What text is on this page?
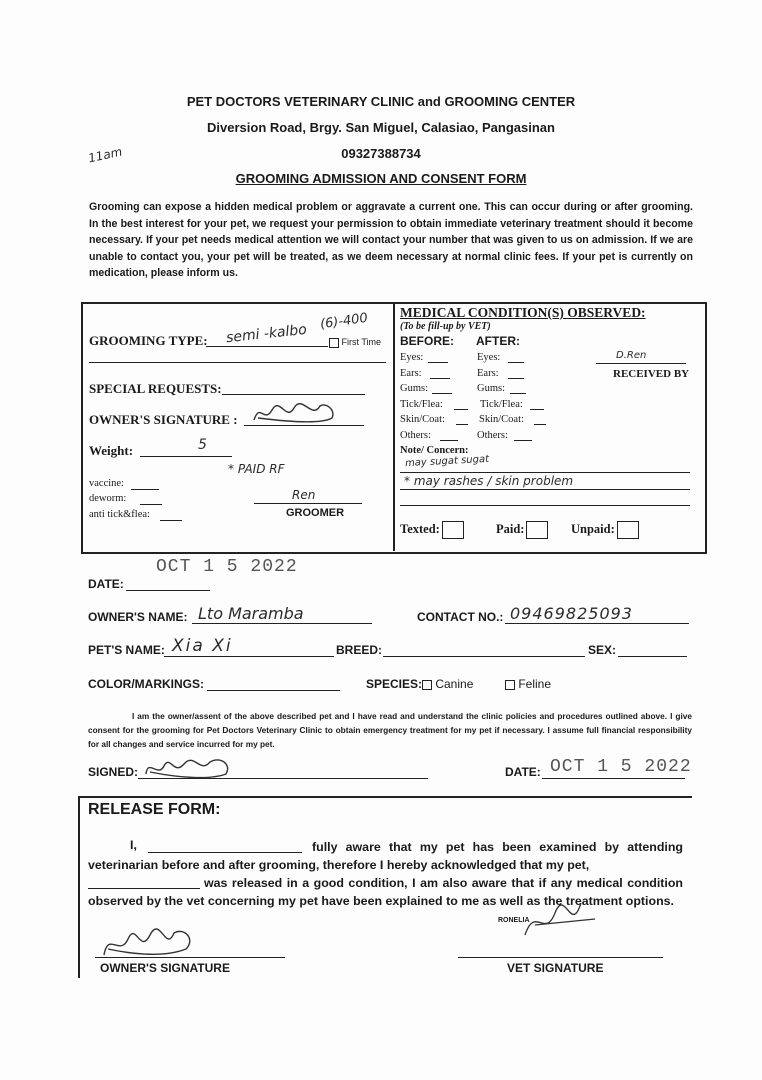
PET DOCTORS VETERINARY CLINIC and GROOMING CENTER
Diversion Road, Brgy. San Miguel, Calasiao, Pangasinan
09327388734
GROOMING ADMISSION AND CONSENT FORM
11am
Grooming can expose a hidden medical problem or aggravate a current one. This can occur during or after grooming. In the best interest for your pet, we request your permission to obtain immediate veterinary treatment should it become necessary. If your pet needs medical attention we will contact your number that was given to us on admission. If we are unable to contact you, your pet will be treated, as we deem necessary at normal clinic fees. If your pet is currently on medication, please inform us.
GROOMING TYPE: semi -kalbo
(6)-400
First Time
SPECIAL REQUESTS:
OWNER'S SIGNATURE :
Weight:	5
vaccine:
deworm:
anti tick&flea:
* PAID RF
Ren
GROOMER
MEDICAL CONDITION(S) OBSERVED:
(To be fill-up by VET)
BEFORE: AFTER:
Eyes:	Eyes:
Ears:	Ears:
Gums:	Gums:
Tick/Flea:	Tick/Flea:
Skin/Coat:	Skin/Coat:
Others:	Others:
D.Ren
RECEIVED BY
Note/ Concern:
may sugat sugat
* may rashes / skin problem
Texted:	Paid:	Unpaid:
OCT 1 5 2022
DATE:
OWNER'S NAME: Lto Maramba	CONTACT NO.: 09469825093
PET'S NAME: Xia Xi	BREED:	SEX:
COLOR/MARKINGS:	SPECIES:	Canine	Feline
I am the owner/assent of the above described pet and I have read and understand the clinic policies and procedures outlined above. I give consent for the grooming for Pet Doctors Veterinary Clinic to obtain emergency treatment for my pet if necessary. I assume full financial responsibility for all changes and service incurred for my pet.
SIGNED:	DATE: OCT 1 5 2022
RELEASE FORM:
I,	fully aware that my pet has been examined by attending veterinarian before and after grooming, therefore I hereby acknowledged that my pet,
was released in a good condition, I am also aware that if any medical condition observed by the vet concerning my pet have been explained to me as well as the treatment options.
RONELIA
OWNER'S SIGNATURE	VET SIGNATURE
